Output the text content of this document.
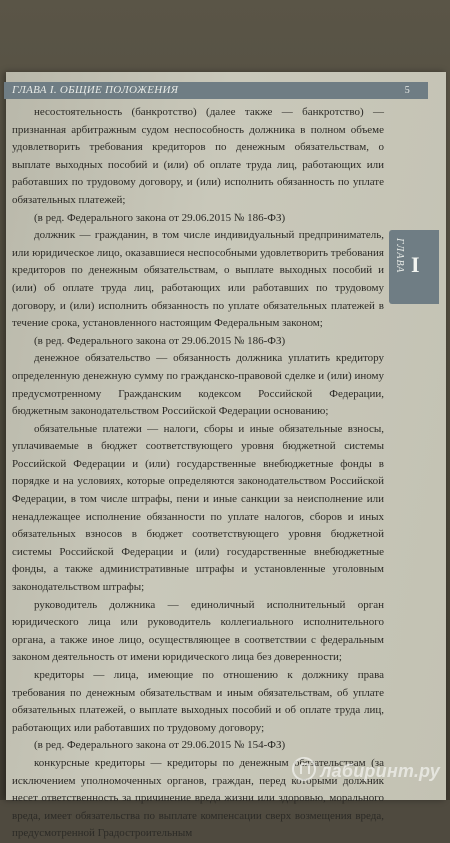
ГЛАВА I. ОБЩИЕ ПОЛОЖЕНИЯ	5
ГЛАВА I

несостоятельность (банкротство) (далее также — банкротство) — признанная арбитражным судом неспособность должника в полном объеме удовлетворить требования кредиторов по денежным обязательствам, о выплате выходных пособий и (или) об оплате труда лиц, работающих или работавших по трудовому договору, и (или) исполнить обязанность по уплате обязательных платежей;

(в ред. Федерального закона от 29.06.2015 № 186-ФЗ)

должник — гражданин, в том числе индивидуальный предприниматель, или юридическое лицо, оказавшиеся неспособными удовлетворить требования кредиторов по денежным обязательствам, о выплате выходных пособий и (или) об оплате труда лиц, работающих или работавших по трудовому договору, и (или) исполнить обязанность по уплате обязательных платежей в течение срока, установленного настоящим Федеральным законом;

(в ред. Федерального закона от 29.06.2015 № 186-ФЗ)

денежное обязательство — обязанность должника уплатить кредитору определенную денежную сумму по гражданско-правовой сделке и (или) иному предусмотренному Гражданским кодексом Российской Федерации, бюджетным законодательством Российской Федерации основанию;

обязательные платежи — налоги, сборы и иные обязательные взносы, уплачиваемые в бюджет соответствующего уровня бюджетной системы Российской Федерации и (или) государственные внебюджетные фонды в порядке и на условиях, которые определяются законодательством Российской Федерации, в том числе штрафы, пени и иные санкции за неисполнение или ненадлежащее исполнение обязанности по уплате налогов, сборов и иных обязательных взносов в бюджет соответствующего уровня бюджетной системы Российской Федерации и (или) государственные внебюджетные фонды, а также административные штрафы и установленные уголовным законодательством штрафы;

руководитель должника — единоличный исполнительный орган юридического лица или руководитель коллегиального исполнительного органа, а также иное лицо, осуществляющее в соответствии с федеральным законом деятельность от имени юридического лица без доверенности;

кредиторы — лица, имеющие по отношению к должнику права требования по денежным обязательствам и иным обязательствам, об уплате обязательных платежей, о выплате выходных пособий и об оплате труда лиц, работающих или работавших по трудовому договору;

(в ред. Федерального закона от 29.06.2015 № 154-ФЗ)

конкурсные кредиторы — кредиторы по денежным обязательствам (за исключением уполномоченных органов, граждан, перед которыми должник несет ответственность за причинение вреда жизни или здоровью, морального вреда, имеет обязательства по выплате компенсации сверх возмещения вреда, предусмотренной Градостроительным

лабиринт.ру
